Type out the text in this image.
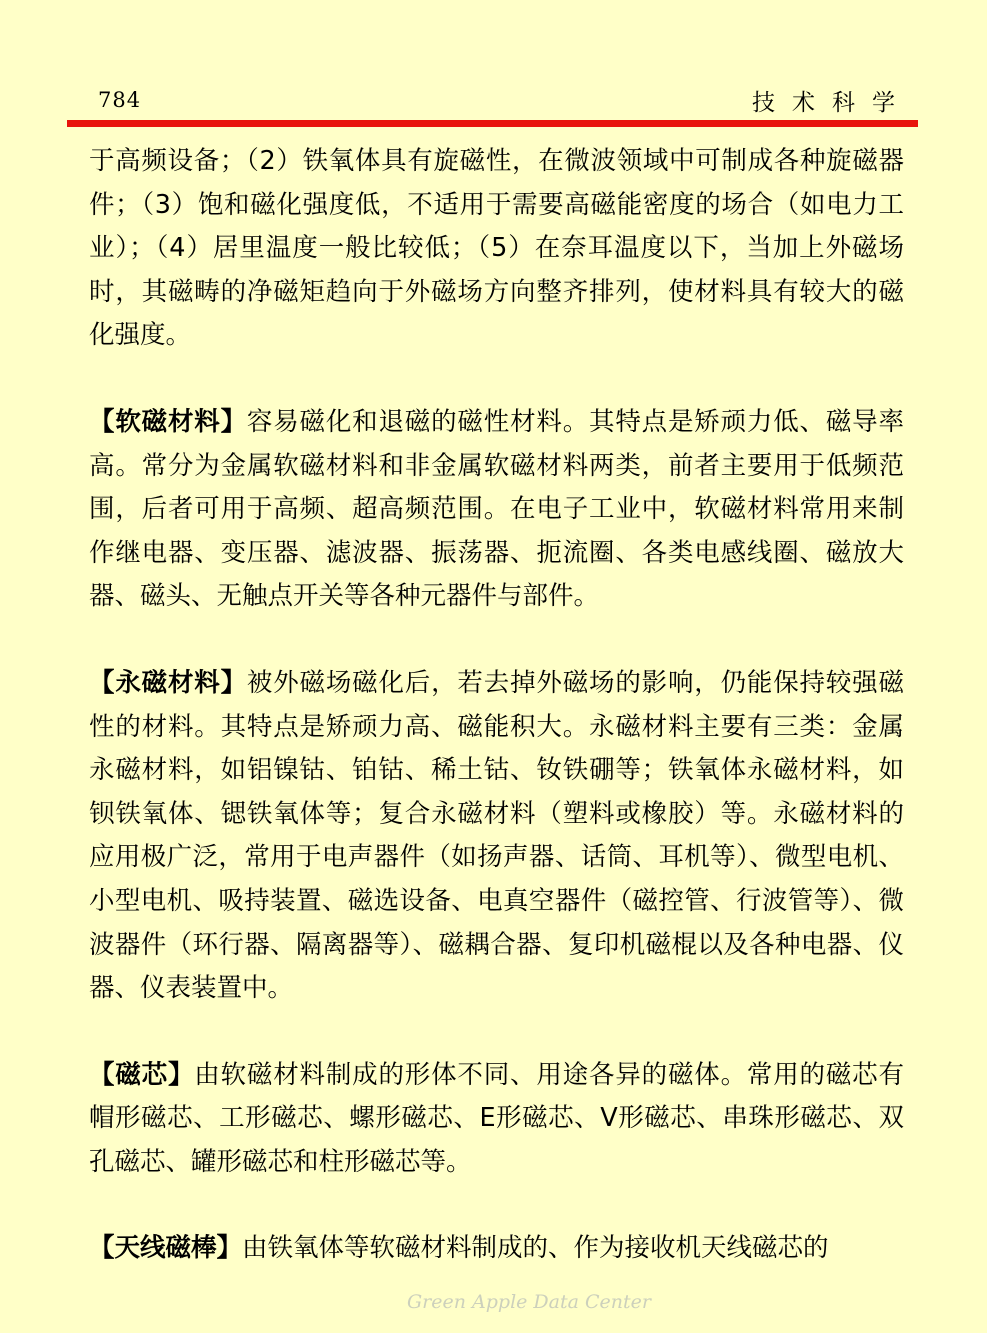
784	技术科学

于高频设备；（2）铁氧体具有旋磁性，在微波领域中可制成各种旋磁器件；（3）饱和磁化强度低，不适用于需要高磁能密度的场合（如电力工业）；（4）居里温度一般比较低；（5）在奈耳温度以下，当加上外磁场时，其磁畴的净磁矩趋向于外磁场方向整齐排列，使材料具有较大的磁化强度。

【软磁材料】容易磁化和退磁的磁性材料。其特点是矫顽力低、磁导率高。常分为金属软磁材料和非金属软磁材料两类，前者主要用于低频范围，后者可用于高频、超高频范围。在电子工业中，软磁材料常用来制作继电器、变压器、滤波器、振荡器、扼流圈、各类电感线圈、磁放大器、磁头、无触点开关等各种元器件与部件。

【永磁材料】被外磁场磁化后，若去掉外磁场的影响，仍能保持较强磁性的材料。其特点是矫顽力高、磁能积大。永磁材料主要有三类：金属永磁材料，如铝镍钴、铂钴、稀土钴、钕铁硼等；铁氧体永磁材料，如钡铁氧体、锶铁氧体等；复合永磁材料（塑料或橡胶）等。永磁材料的应用极广泛，常用于电声器件（如扬声器、话筒、耳机等）、微型电机、小型电机、吸持装置、磁选设备、电真空器件（磁控管、行波管等）、微波器件（环行器、隔离器等）、磁耦合器、复印机磁棍以及各种电器、仪器、仪表装置中。

【磁芯】由软磁材料制成的形体不同、用途各异的磁体。常用的磁芯有帽形磁芯、工形磁芯、螺形磁芯、E形磁芯、V形磁芯、串珠形磁芯、双孔磁芯、罐形磁芯和柱形磁芯等。

【天线磁棒】由铁氧体等软磁材料制成的、作为接收机天线磁芯的

Green Apple Data Center
